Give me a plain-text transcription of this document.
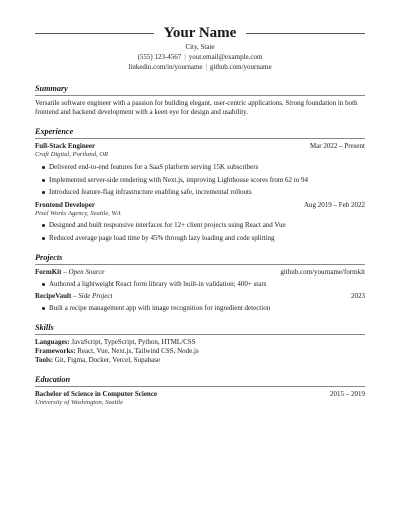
Your Name
City, State
(555) 123-4567 | your.email@example.com
linkedin.com/in/yourname | github.com/yourname
Summary
Versatile software engineer with a passion for building elegant, user-centric applications. Strong foundation in both frontend and backend development with a keen eye for design and usability.
Experience
Full-Stack Engineer	Mar 2022 – Present
Craft Digital, Portland, OR
Delivered end-to-end features for a SaaS platform serving 15K subscribers
Implemented server-side rendering with Next.js, improving Lighthouse scores from 62 to 94
Introduced feature-flag infrastructure enabling safe, incremental rollouts
Frontend Developer	Aug 2019 – Feb 2022
Pixel Works Agency, Seattle, WA
Designed and built responsive interfaces for 12+ client projects using React and Vue
Reduced average page load time by 45% through lazy loading and code splitting
Projects
FormKit – Open Source	github.com/yourname/formkit
Authored a lightweight React form library with built-in validation; 400+ stars
RecipeVault – Side Project	2023
Built a recipe management app with image recognition for ingredient detection
Skills
Languages: JavaScript, TypeScript, Python, HTML/CSS
Frameworks: React, Vue, Next.js, Tailwind CSS, Node.js
Tools: Git, Figma, Docker, Vercel, Supabase
Education
Bachelor of Science in Computer Science	2015 – 2019
University of Washington, Seattle
